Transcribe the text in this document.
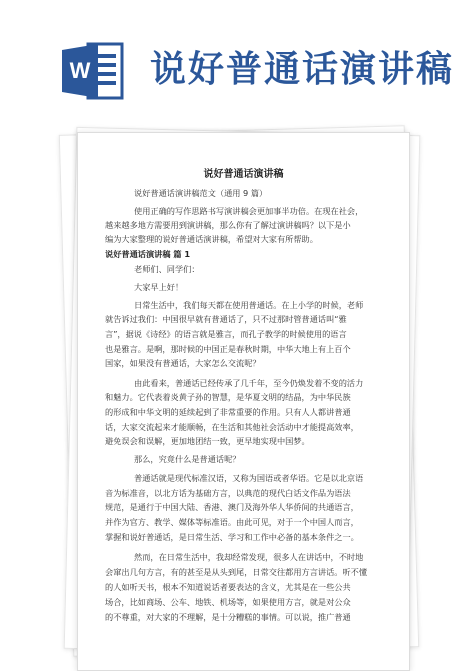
W 说好普通话演讲稿
说好普通话演讲稿
说好普通话演讲稿范文（通用 9 篇）
使用正确的写作思路书写演讲稿会更加事半功倍。在现在社会，
越来越多地方需要用到演讲稿，那么你有了解过演讲稿吗？以下是小
编为大家整理的说好普通话演讲稿，希望对大家有所帮助。
说好普通话演讲稿 篇 1
老师们、同学们：
大家早上好！
日常生活中，我们每天都在使用普通话。在上小学的时候，老师
就告诉过我们：中国很早就有普通话了，只不过那时管普通话叫“雅
言”，据说《诗经》的语言就是雅言，而孔子教学的时候使用的语言
也是雅言。是啊，那时候的中国正是春秋时期，中华大地上有上百个
国家，如果没有普通话，大家怎么交流呢？
由此看来，普通话已经传承了几千年，至今仍焕发着不变的活力
和魅力。它代表着炎黄子孙的智慧，是华夏文明的结晶，为中华民族
的形成和中华文明的延续起到了非常重要的作用。只有人人都讲普通
话，大家交流起来才能顺畅，在生活和其他社会活动中才能提高效率，
避免误会和误解，更加地团结一致，更早地实现中国梦。
那么，究竟什么是普通话呢？
普通话就是现代标准汉语，又称为国语或者华语。它是以北京语
音为标准音，以北方话为基础方言，以典范的现代白话文作品为语法
规范，是通行于中国大陆、香港、澳门及海外华人华侨间的共通语言，
并作为官方、教学、媒体等标准语。由此可见，对于一个中国人而言，
掌握和说好普通话，是日常生活、学习和工作中必备的基本条件之一。
然而，在日常生活中，我却经常发现，很多人在讲话中，不时地
会窜出几句方言，有的甚至是从头到尾，日常交往都用方言讲话。听不懂
的人如听天书，根本不知道说话者要表达的含义，尤其是在一些公共
场合，比如商场、公车、地铁、机场等，如果使用方言，就是对公众
的不尊重，对大家的不理解，是十分糟糕的事情。可以说，推广普通
